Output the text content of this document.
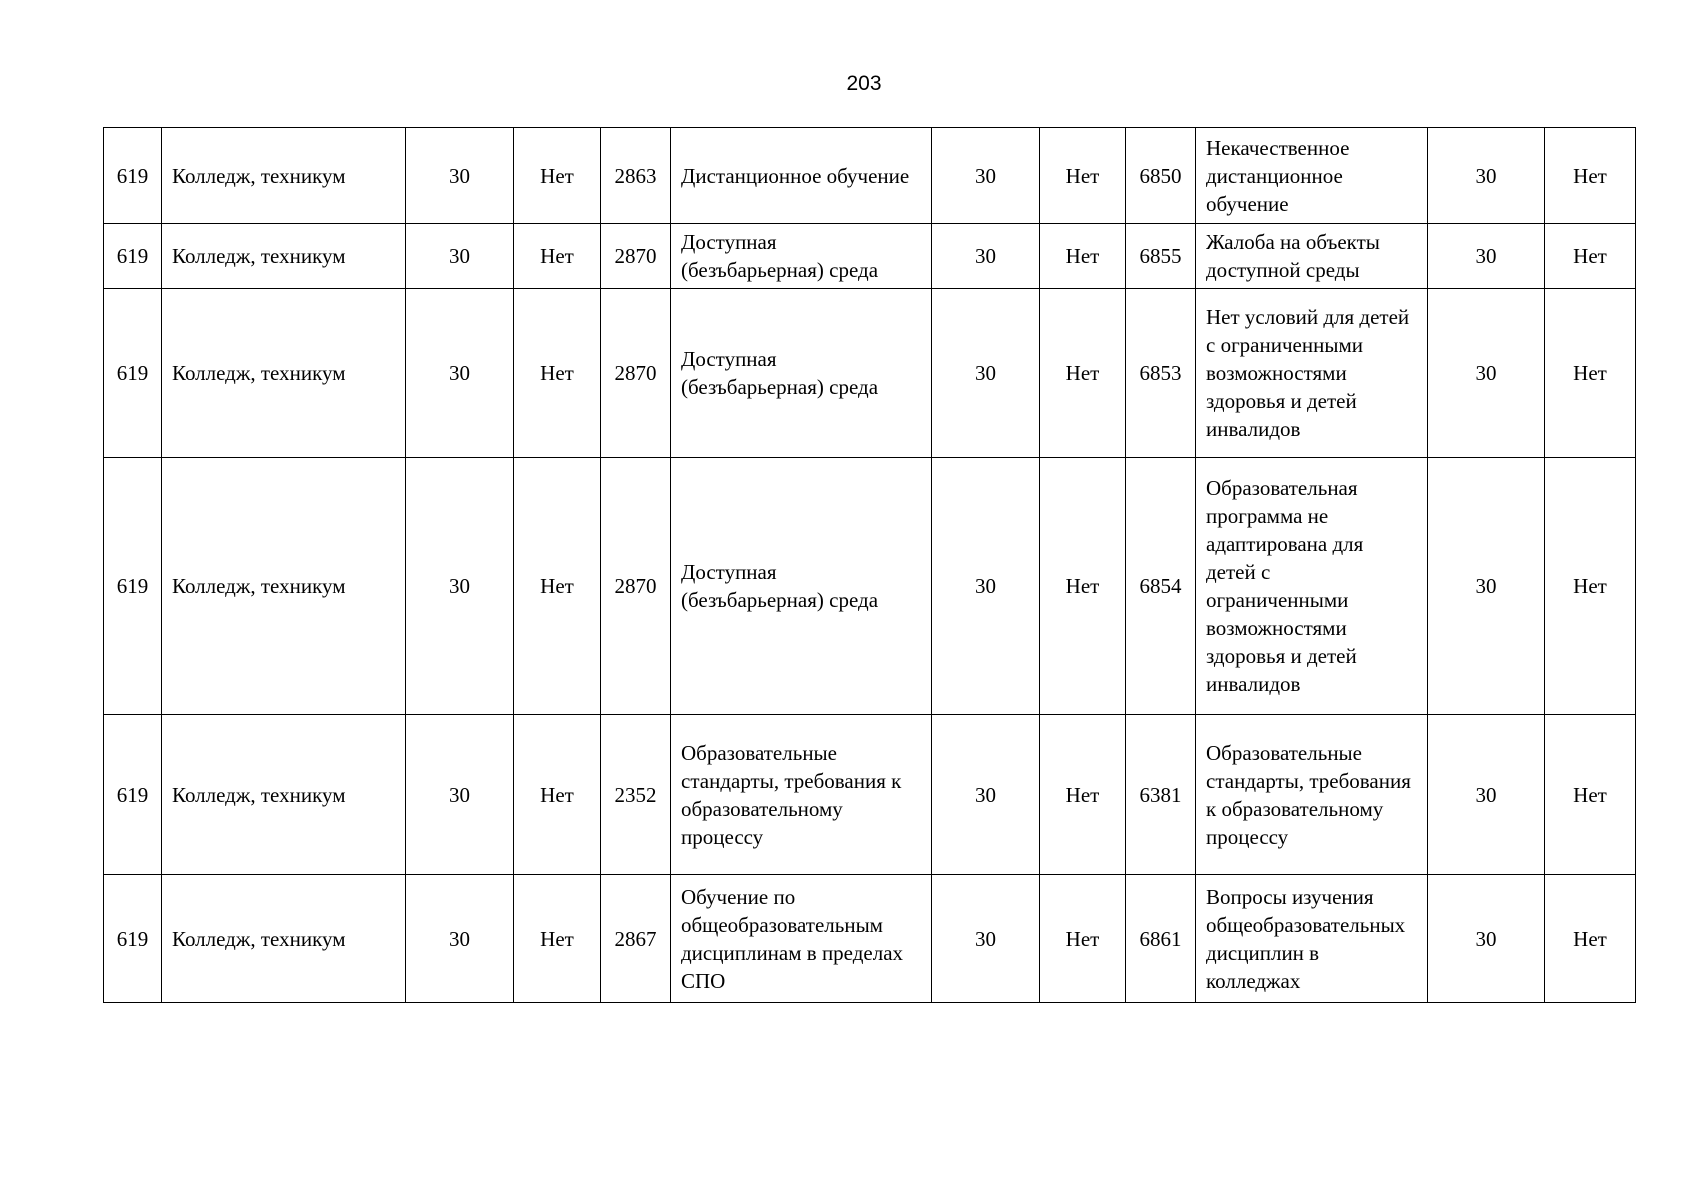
203
619	Колледж, техникум	30	Нет	2863	Дистанционное обучение	30	Нет	6850	Некачественное дистанционное обучение	30	Нет
619	Колледж, техникум	30	Нет	2870	Доступная (безъбарьерная) среда	30	Нет	6855	Жалоба на объекты доступной среды	30	Нет
619	Колледж, техникум	30	Нет	2870	Доступная (безъбарьерная) среда	30	Нет	6853	Нет условий для детей с ограниченными возможностями здоровья и детей инвалидов	30	Нет
619	Колледж, техникум	30	Нет	2870	Доступная (безъбарьерная) среда	30	Нет	6854	Образовательная программа не адаптирована для детей с ограниченными возможностями здоровья и детей инвалидов	30	Нет
619	Колледж, техникум	30	Нет	2352	Образовательные стандарты, требования к образовательному процессу	30	Нет	6381	Образовательные стандарты, требования к образовательному процессу	30	Нет
619	Колледж, техникум	30	Нет	2867	Обучение по общеобразовательным дисциплинам в пределах СПО	30	Нет	6861	Вопросы изучения общеобразовательных дисциплин в колледжах	30	Нет
